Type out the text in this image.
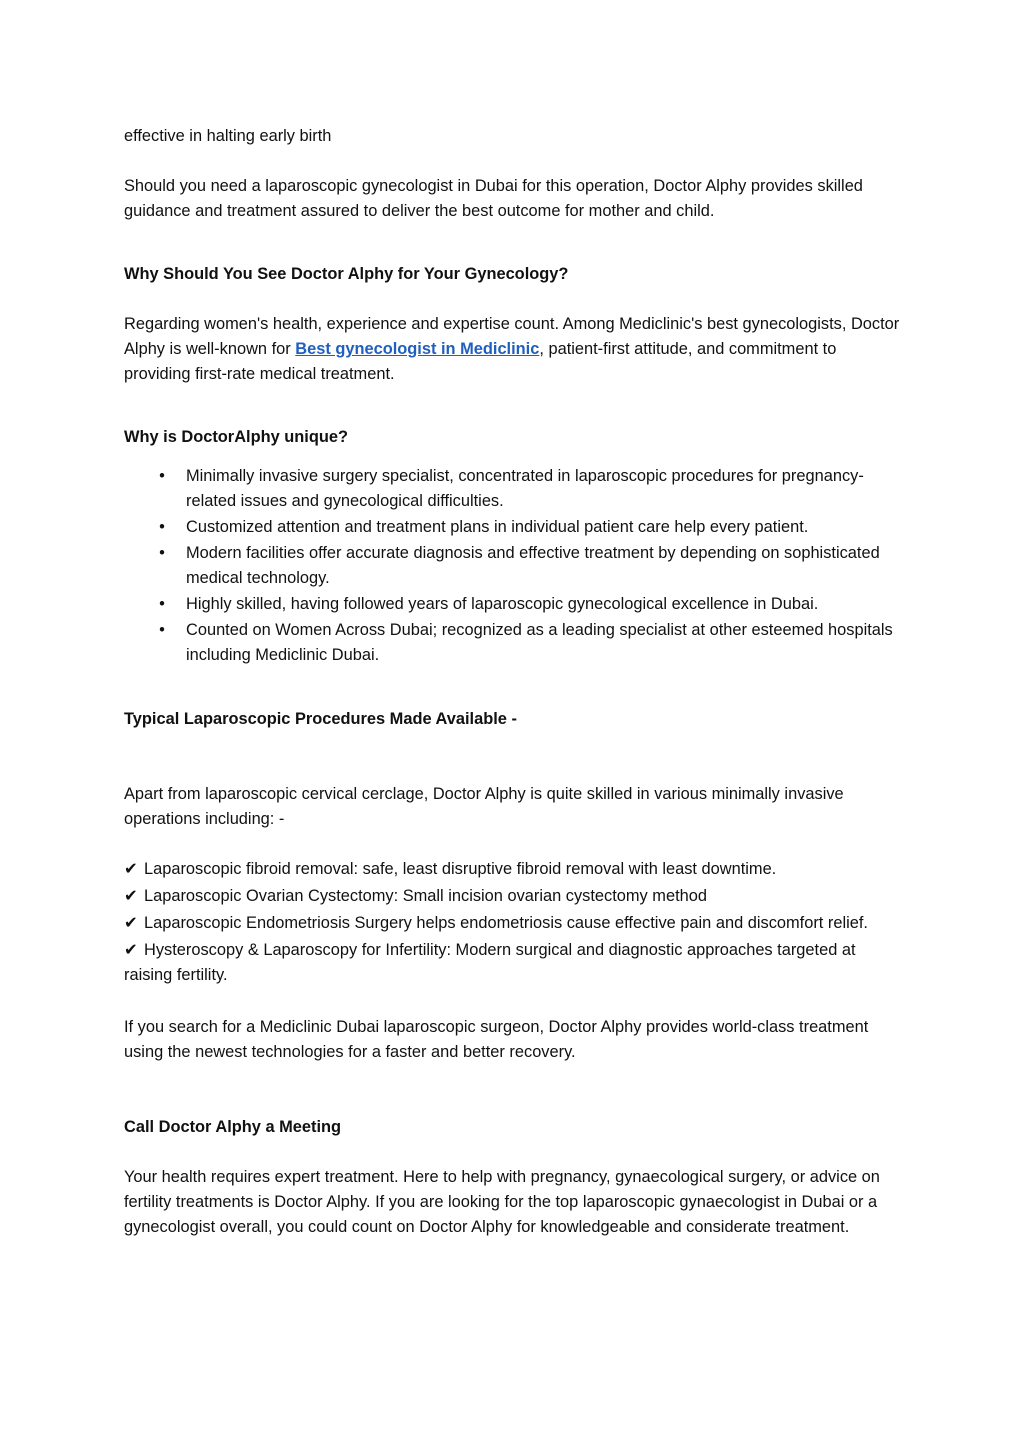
effective in halting early birth

Should you need a laparoscopic gynecologist in Dubai for this operation, Doctor Alphy provides skilled guidance and treatment assured to deliver the best outcome for mother and child.

Why Should You See Doctor Alphy for Your Gynecology?

Regarding women's health, experience and expertise count. Among Mediclinic's best gynecologists, Doctor Alphy is well-known for Best gynecologist in Mediclinic, patient-first attitude, and commitment to providing first-rate medical treatment.

Why is DoctorAlphy unique?
• Minimally invasive surgery specialist, concentrated in laparoscopic procedures for pregnancy-related issues and gynecological difficulties.
• Customized attention and treatment plans in individual patient care help every patient.
• Modern facilities offer accurate diagnosis and effective treatment by depending on sophisticated medical technology.
• Highly skilled, having followed years of laparoscopic gynecological excellence in Dubai.
• Counted on Women Across Dubai; recognized as a leading specialist at other esteemed hospitals including Mediclinic Dubai.
Typical Laparoscopic Procedures Made Available -

Apart from laparoscopic cervical cerclage, Doctor Alphy is quite skilled in various minimally invasive operations including: -

✔ Laparoscopic fibroid removal: safe, least disruptive fibroid removal with least downtime.
✔ Laparoscopic Ovarian Cystectomy: Small incision ovarian cystectomy method
✔ Laparoscopic Endometriosis Surgery helps endometriosis cause effective pain and discomfort relief.
✔ Hysteroscopy & Laparoscopy for Infertility: Modern surgical and diagnostic approaches targeted at raising fertility.

If you search for a Mediclinic Dubai laparoscopic surgeon, Doctor Alphy provides world-class treatment using the newest technologies for a faster and better recovery.

Call Doctor Alphy a Meeting

Your health requires expert treatment. Here to help with pregnancy, gynaecological surgery, or advice on fertility treatments is Doctor Alphy. If you are looking for the top laparoscopic gynaecologist in Dubai or a gynecologist overall, you could count on Doctor Alphy for knowledgeable and considerate treatment.
